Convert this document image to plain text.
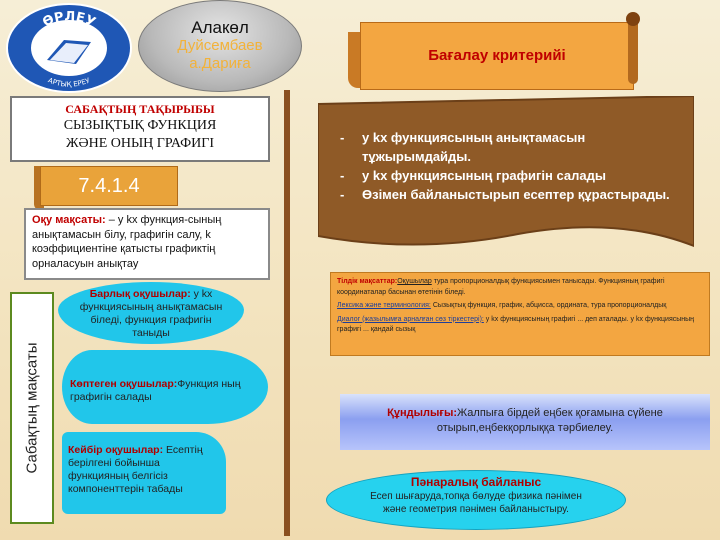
ӨРЛЕУ
АРТЫҚ ЕРЕУ
Алакөл
Дуйсембаев
а.Дариға
САБАҚТЫҢ ТАҚЫРЫБЫ
СЫЗЫҚТЫҚ ФУНКЦИЯ
ЖӘНЕ ОНЫҢ ГРАФИГІ
7.4.1.4
Оқу мақсаты: – у kx функция-сының анықтамасын білу, графигін салу, k коэффициентіне қатысты графиктің орналасуын анықтау
Сабақтың мақсаты
Барлық оқушылар: у kx функциясының анықтамасын біледі, функция графигін таныды
Көптеген оқушылар:Функция ның графигін салады
Кейбір оқушылар: Есептің берілгені бойынша функцияның белгісіз компоненттерін табады
Бағалау критерийі
- у kx функциясының анықтамасын тұжырымдайды.
- у kx функциясының графигін салады
- Өзімен байланыстырып есептер құрастырады.
Тілдік мақсаттар:Оқушылар тура пропорционалдық функциясымен танысады. Функцияның графигі координаталар басынан өтетінін біледі.
Лексика және терминология: Сызықтық функция, график, абцисса, ордината, тура пропорционалдық
Диалог (жазылымға арналған сөз тіркестері): у kx функциясының графигі ... деп аталады. у kx функциясының графигі ... қандай сызық
Құндылығы:Жалпыға бірдей еңбек қоғамына сүйене отырып,еңбекқорлыққа тәрбиелеу.
Пәнаралық байланыс
Есеп шығаруда,топқа бөлуде физика пәнімен
және геометрия пәнімен байланыстыру.
